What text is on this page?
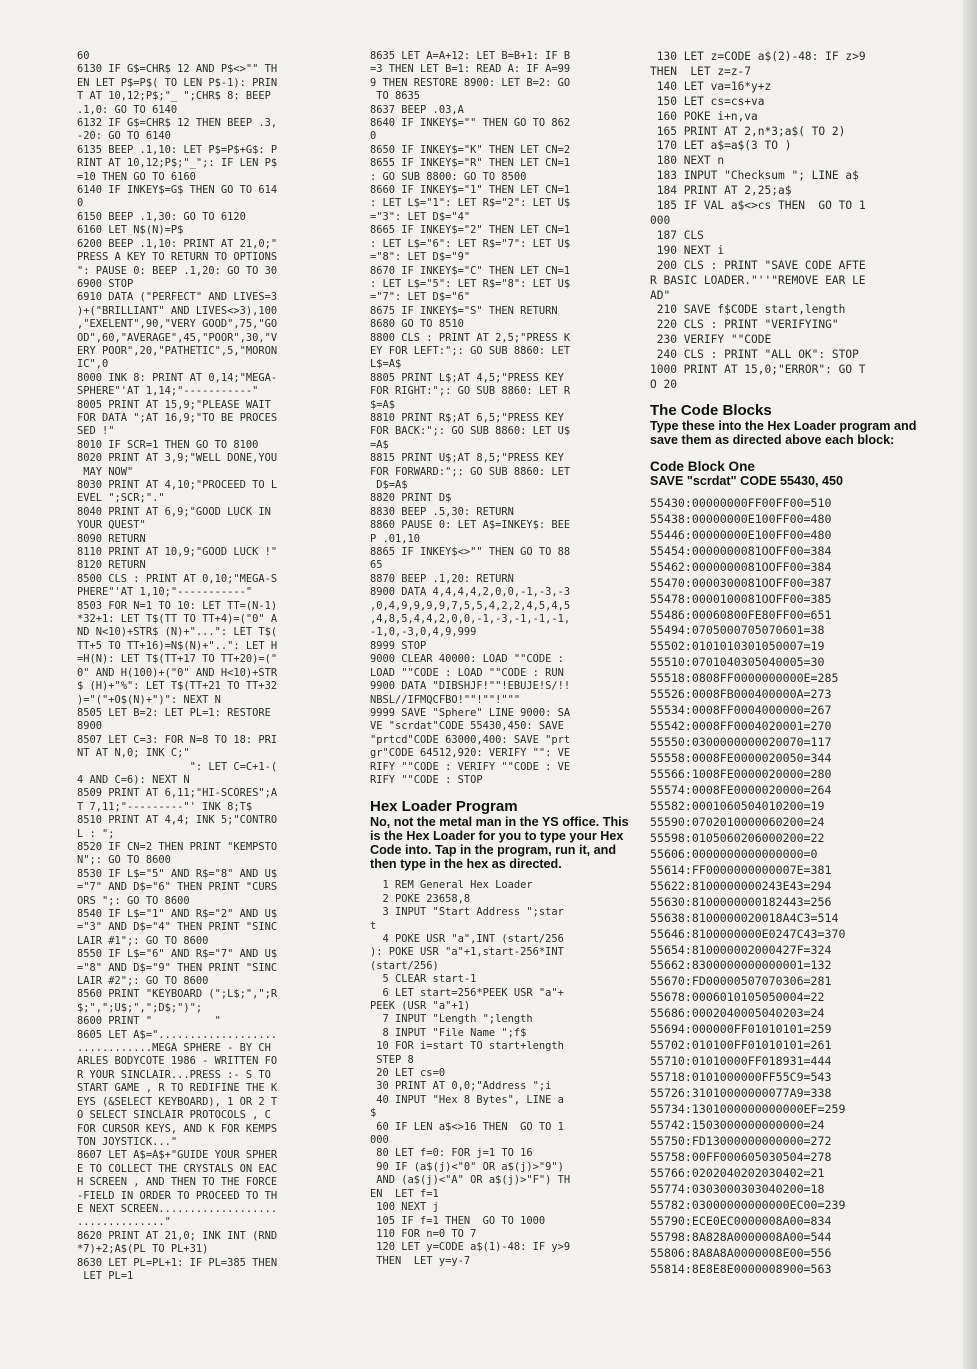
60
6130 IF G$=CHR$ 12 AND P$<>"" TH
EN LET P$=P$( TO LEN P$-1): PRIN
T AT 10,12;P$;"_ ";CHR$ 8: BEEP
.1,0: GO TO 6140
6132 IF G$=CHR$ 12 THEN BEEP .3,
-20: GO TO 6140
6135 BEEP .1,10: LET P$=P$+G$: P
RINT AT 10,12;P$;"_";: IF LEN P$
=10 THEN GO TO 6160
6140 IF INKEY$=G$ THEN GO TO 614
0
6150 BEEP .1,30: GO TO 6120
6160 LET N$(N)=P$
6200 BEEP .1,10: PRINT AT 21,0;"
PRESS A KEY TO RETURN TO OPTIONS
": PAUSE 0: BEEP .1,20: GO TO 30
6900 STOP
6910 DATA ("PERFECT" AND LIVES=3
)+("BRILLIANT" AND LIVES<>3),100
,"EXELENT",90,"VERY GOOD",75,"GO
OD",60,"AVERAGE",45,"POOR",30,"V
ERY POOR",20,"PATHETIC",5,"MORON
IC",0
8000 INK 8: PRINT AT 0,14;"MEGA-
SPHERE"'AT 1,14;"-----------"
8005 PRINT AT 15,9;"PLEASE WAIT
FOR DATA ";AT 16,9;"TO BE PROCES
SED !"
8010 IF SCR=1 THEN GO TO 8100
8020 PRINT AT 3,9;"WELL DONE,YOU
MAY NOW"
8030 PRINT AT 4,10;"PROCEED TO L
EVEL ";SCR;"."
8040 PRINT AT 6,9;"GOOD LUCK IN
YOUR QUEST"
8090 RETURN
8110 PRINT AT 10,9;"GOOD LUCK !"
8120 RETURN
8500 CLS : PRINT AT 0,10;"MEGA-S
PHERE"'AT 1,10;"-----------"
8503 FOR N=1 TO 10: LET TT=(N-1)
*32+1: LET T$(TT TO TT+4)=("0" A
ND N<10)+STR$ (N)+"...": LET T$(
TT+5 TO TT+16)=N$(N)+"..": LET H
=H(N): LET T$(TT+17 TO TT+20)=("
0" AND H(100)+("0" AND H<10)+STR
$ (H)+"%": LET T$(TT+21 TO TT+32
)="("+O$(N)+")": NEXT N
8505 LET B=2: LET PL=1: RESTORE
8900
8507 LET C=3: FOR N=8 TO 18: PRI
NT AT N,0; INK C;"
": LET C=C+1-(
4 AND C=6): NEXT N
8509 PRINT AT 6,11;"HI-SCORES";A
T 7,11;"---------"' INK 8;T$
8510 PRINT AT 4,4; INK 5;"CONTRO
L : ";
8520 IF CN=2 THEN PRINT "KEMPSTO
N";: GO TO 8600
8530 IF L$="5" AND R$="8" AND U$
="7" AND D$="6" THEN PRINT "CURS
ORS ";: GO TO 8600
8540 IF L$="1" AND R$="2" AND U$
="3" AND D$="4" THEN PRINT "SINC
LAIR #1";: GO TO 8600
8550 IF L$="6" AND R$="7" AND U$
="8" AND D$="9" THEN PRINT "SINC
LAIR #2";: GO TO 8600
8560 PRINT "KEYBOARD (";L$;",";R
$;",";U$;",";D$;")";
8600 PRINT "          "
8605 LET A$="...................
............MEGA SPHERE - BY CH
ARLES BODYCOTE 1986 - WRITTEN FO
R YOUR SINCLAIR...PRESS :- S TO
START GAME , R TO REDIFINE THE K
EYS (&SELECT KEYBOARD), 1 OR 2 T
O SELECT SINCLAIR PROTOCOLS , C
FOR CURSOR KEYS, AND K FOR KEMPS
TON JOYSTICK..."
8607 LET A$=A$+"GUIDE YOUR SPHER
E TO COLLECT THE CRYSTALS ON EAC
H SCREEN , AND THEN TO THE FORCE
-FIELD IN ORDER TO PROCEED TO TH
E NEXT SCREEN...................
.............."
8620 PRINT AT 21,0; INK INT (RND
*7)+2;A$(PL TO PL+31)
8630 LET PL=PL+1: IF PL=385 THEN
LET PL=1
8635 LET A=A+12: LET B=B+1: IF B
=3 THEN LET B=1: READ A: IF A=99
9 THEN RESTORE 8900: LET B=2: GO
TO 8635
8637 BEEP .03,A
8640 IF INKEY$="" THEN GO TO 862
0
8650 IF INKEY$="K" THEN LET CN=2
8655 IF INKEY$="R" THEN LET CN=1
: GO SUB 8800: GO TO 8500
8660 IF INKEY$="1" THEN LET CN=1
: LET L$="1": LET R$="2": LET U$
="3": LET D$="4"
8665 IF INKEY$="2" THEN LET CN=1
: LET L$="6": LET R$="7": LET U$
="8": LET D$="9"
8670 IF INKEY$="C" THEN LET CN=1
: LET L$="5": LET R$="8": LET U$
="7": LET D$="6"
8675 IF INKEY$="S" THEN RETURN
8680 GO TO 8510
8800 CLS : PRINT AT 2,5;"PRESS K
EY FOR LEFT:";: GO SUB 8860: LET
L$=A$
8805 PRINT L$;AT 4,5;"PRESS KEY
FOR RIGHT:";: GO SUB 8860: LET R
$=A$
8810 PRINT R$;AT 6,5;"PRESS KEY
FOR BACK:";: GO SUB 8860: LET U$
=A$
8815 PRINT U$;AT 8,5;"PRESS KEY
FOR FORWARD:";: GO SUB 8860: LET
D$=A$
8820 PRINT D$
8830 BEEP .5,30: RETURN
8860 PAUSE 0: LET A$=INKEY$: BEE
P .01,10
8865 IF INKEY$<>"" THEN GO TO 88
65
8870 BEEP .1,20: RETURN
8900 DATA 4,4,4,4,2,0,0,-1,-3,-3
,0,4,9,9,9,9,7,5,5,4,2,2,4,5,4,5
,4,8,5,4,4,2,0,0,-1,-3,-1,-1,-1,
-1,0,-3,0,4,9,999
8999 STOP
9000 CLEAR 40000: LOAD ""CODE :
LOAD ""CODE : LOAD ""CODE : RUN
9900 DATA "DIBSHJF!""!EBUJE!S/!!
NBSL//IFMQCFBO!""!""!"""
9999 SAVE "Sphere" LINE 9000: SA
VE "scrdat"CODE 55430,450: SAVE
"prtcd"CODE 63000,400: SAVE "prt
gr"CODE 64512,920: VERIFY "": VE
RIFY ""CODE : VERIFY ""CODE : VE
RIFY ""CODE : STOP
Hex Loader Program
No, not the metal man in the YS office. This is the Hex Loader for you to type your Hex Code into. Tap in the program, run it, and then type in the hex as directed.
1 REM General Hex Loader
2 POKE 23658,8
3 INPUT "Start Address ";star
t
4 POKE USR "a",INT (start/256
): POKE USR "a"+1,start-256*INT
(start/256)
5 CLEAR start-1
6 LET start=256*PEEK USR "a"+
PEEK (USR "a"+1)
7 INPUT "Length ";length
8 INPUT "File Name ";f$
10 FOR i=start TO start+length
STEP 8
20 LET cs=0
30 PRINT AT 0,0;"Address ";i
40 INPUT "Hex 8 Bytes", LINE a
$
60 IF LEN a$<>16 THEN  GO TO 1
000
80 LET f=0: FOR j=1 TO 16
90 IF (a$(j)<"0" OR a$(j)>"9")
AND (a$(j)<"A" OR a$(j)>"F") TH
EN  LET f=1
100 NEXT j
105 IF f=1 THEN  GO TO 1000
110 FOR n=0 TO 7
120 LET y=CODE a$(1)-48: IF y>9
THEN  LET y=y-7
130 LET z=CODE a$(2)-48: IF z>9
THEN  LET z=z-7
140 LET va=16*y+z
150 LET cs=cs+va
160 POKE i+n,va
165 PRINT AT 2,n*3;a$( TO 2)
170 LET a$=a$(3 TO )
180 NEXT n
183 INPUT "Checksum "; LINE a$
184 PRINT AT 2,25;a$
185 IF VAL a$<>cs THEN  GO TO 1
000
187 CLS
190 NEXT i
200 CLS : PRINT "SAVE CODE AFTE
R BASIC LOADER."''"REMOVE EAR LE
AD"
210 SAVE f$CODE start,length
220 CLS : PRINT "VERIFYING"
230 VERIFY ""CODE
240 CLS : PRINT "ALL OK": STOP
1000 PRINT AT 15,0;"ERROR": GO T
O 20
The Code Blocks
Type these into the Hex Loader program and save them as directed above each block:
Code Block One
SAVE "scrdat" CODE 55430, 450
55430:00000000FF00FF00=510
55438:00000000E100FF00=480
55446:00000000E100FF00=480
55454:0000000081OOFF00=384
55462:0000000081OOFF00=384
55470:0000300081OOFF00=387
55478:0000100081OOFF00=385
55486:00060800FE80FF00=651
55494:0705000705070601=38
55502:0101010301050007=19
55510:0701040305040005=30
55518:0808FF0000000000E=285
55526:0008FB000400000A=273
55534:0008FF0004000000=267
55542:0008FF0004020001=270
55550:0300000000020070=117
55558:0008FE0000020050=344
55566:1008FE0000020000=280
55574:0008FE0000020000=264
55582:0001060504010200=19
55590:0702010000060200=24
55598:0105060206000200=22
55606:0000000000000000=0
55614:FF0000000000007E=381
55622:8100000000243E43=294
55630:8100000000182443=256
55638:8100000020018A4C3=514
55646:8100000000E0247C43=370
55654:810000002000427F=324
55662:8300000000000001=132
55670:FD00000507070306=281
55678:0006010105050004=22
55686:0002040005040203=24
55694:000000FF01010101=259
55702:010100FF01010101=261
55710:01010000FF018931=444
55718:0101000000FF55C9=543
55726:31010000000077A9=338
55734:1301000000000000EF=259
55742:1503000000000000=24
55750:FD13000000000000=272
55758:00FF000605030504=278
55766:0202040202030402=21
55774:0303000303040200=18
55782:03000000000000EC00=239
55790:ECE0EC0000008A00=834
55798:8A828A0000008A00=544
55806:8A8A8A0000008E00=556
55814:8E8E8E0000008900=563
